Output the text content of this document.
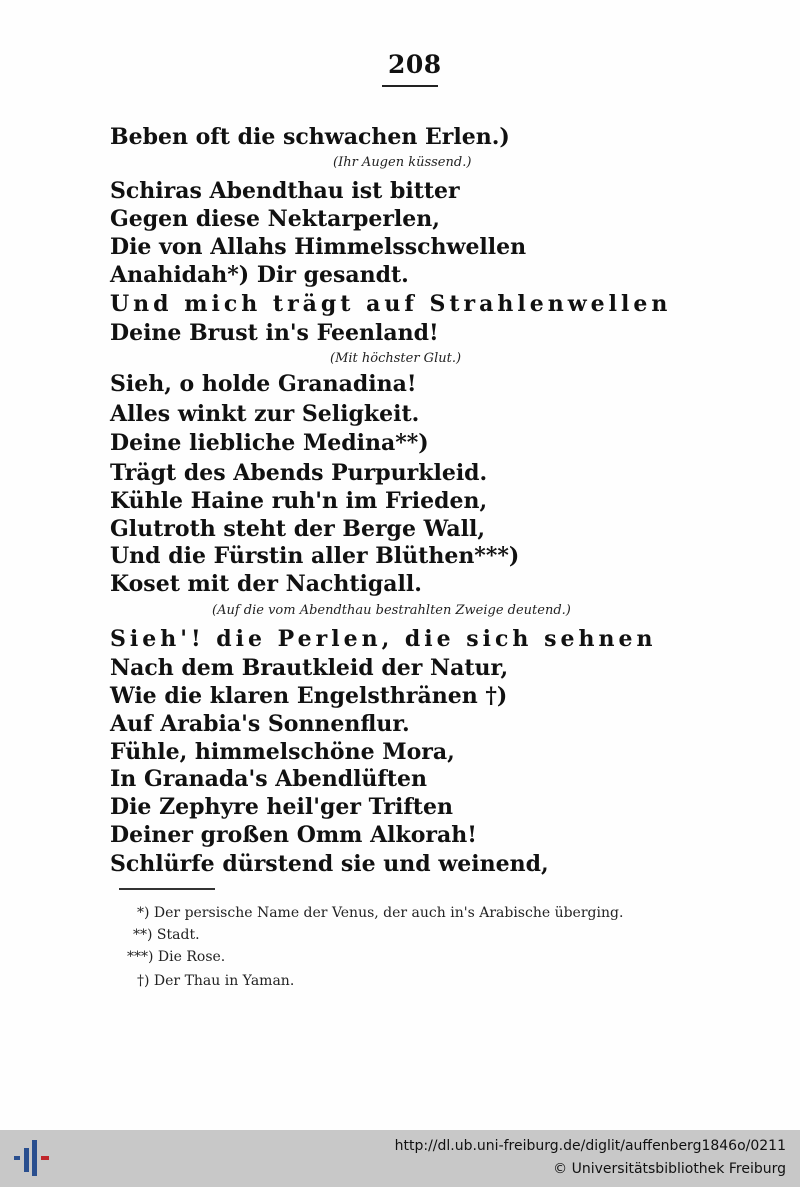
208
Beben oft die schwachen Erlen.)
(Ihr Augen küssend.)
Schiras Abendthau ist bitter
Gegen diese Nektarperlen,
Die von Allahs Himmelsschwellen
Anahidah*) Dir gesandt.
Und mich trägt auf Strahlenwellen
Deine Brust in's Feenland!
(Mit höchster Glut.)
Sieh, o holde Granadina!
Alles winkt zur Seligkeit.
Deine liebliche Medina**)
Trägt des Abends Purpurkleid.
Kühle Haine ruh'n im Frieden,
Glutroth steht der Berge Wall,
Und die Fürstin aller Blüthen***)
Koset mit der Nachtigall.
(Auf die vom Abendthau bestrahlten Zweige deutend.)
Sieh'! die Perlen, die sich sehnen
Nach dem Brautkleid der Natur,
Wie die klaren Engelsthränen †)
Auf Arabia's Sonnenflur.
Fühle, himmelschöne Mora,
In Granada's Abendlüften
Die Zephyre heil'ger Triften
Deiner großen Omm Alkorah!
Schlürfe dürstend sie und weinend,
*) Der persische Name der Venus, der auch in's Arabische überging.
**) Stadt.
***) Die Rose.
†) Der Thau in Yaman.
http://dl.ub.uni-freiburg.de/diglit/auffenberg1846o/0211
© Universitätsbibliothek Freiburg
